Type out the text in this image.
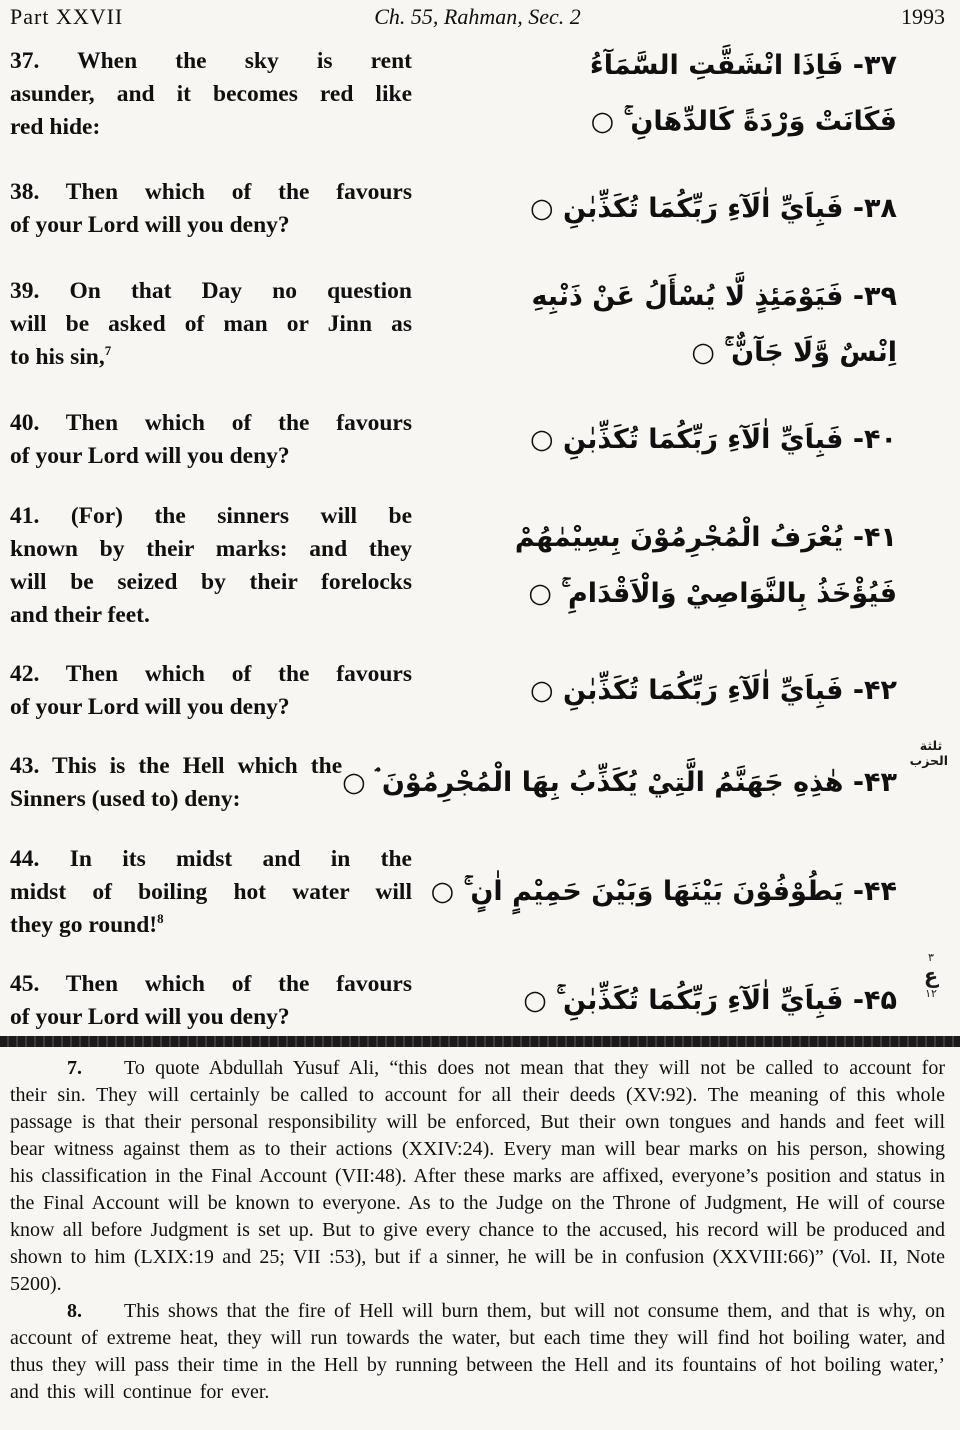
Part XXVII	Ch. 55, Rahman, Sec. 2	1993
37. When the sky is rent
asunder, and it becomes red like
red hide:
۳۷- فَاِذَا انْشَقَّتِ السَّمَآءُ
فَكَانَتْ وَرْدَةً كَالدِّهَانِ ۚ ○
38. Then which of the favours
of your Lord will you deny?
۳۸- فَبِاَيِّ اٰلَآءِ رَبِّكُمَا تُكَذِّبٰنِ ○
39. On that Day no question
will be asked of man or Jinn as
to his sin,$^7$
۳۹- فَيَوْمَئِذٍ لَّا يُسْأَلُ عَنْ ذَنْبِهِ
اِنْسٌ وَّلَا جَآنٌّ ۚ ○
40. Then which of the favours
of your Lord will you deny?
۴۰- فَبِاَيِّ اٰلَآءِ رَبِّكُمَا تُكَذِّبٰنِ ○
41. (For) the sinners will be
known by their marks: and they
will be seized by their forelocks
and their feet.
۴۱- يُعْرَفُ الْمُجْرِمُوْنَ بِسِيْمٰهُمْ
فَيُؤْخَذُ بِالنَّوَاصِيْ وَالْاَقْدَامِ ۚ ○
42. Then which of the favours
of your Lord will you deny?
۴۲- فَبِاَيِّ اٰلَآءِ رَبِّكُمَا تُكَذِّبٰنِ ○
43. This is the Hell which the
Sinners (used to) deny:
۴۳- هٰذِهِ جَهَنَّمُ الَّتِيْ يُكَذِّبُ بِهَا الْمُجْرِمُوْنَ ۘ ○
44. In its midst and in the
midst of boiling hot water will
they go round!$^8$
۴۴- يَطُوْفُوْنَ بَيْنَهَا وَبَيْنَ حَمِيْمٍ اٰنٍ ۚ ○
45. Then which of the favours
of your Lord will you deny?
۴۵- فَبِاَيِّ اٰلَآءِ رَبِّكُمَا تُكَذِّبٰنِ ۚ ○
ثلثة
الحزب
٣
ع
۱۲

7. To quote Abdullah Yusuf Ali, “this does not mean that they will not be called to account for their sin. They will certainly be called to account for all their deeds (XV:92). The meaning of this whole passage is that their personal responsibility will be enforced, But their own tongues and hands and feet will bear witness against them as to their actions (XXIV:24). Every man will bear marks on his person, showing his classification in the Final Account (VII:48). After these marks are affixed, everyone’s position and status in the Final Account will be known to everyone. As to the Judge on the Throne of Judgment, He will of course know all before Judgment is set up. But to give every chance to the accused, his record will be produced and shown to him (LXIX:19 and 25; VII :53), but if a sinner, he will be in confusion (XXVIII:66)” (Vol. II, Note 5200).

8. This shows that the fire of Hell will burn them, but will not consume them, and that is why, on account of extreme heat, they will run towards the water, but each time they will find hot boiling water, and thus they will pass their time in the Hell by running between the Hell and its fountains of hot boiling water,’ and this will continue for ever.
